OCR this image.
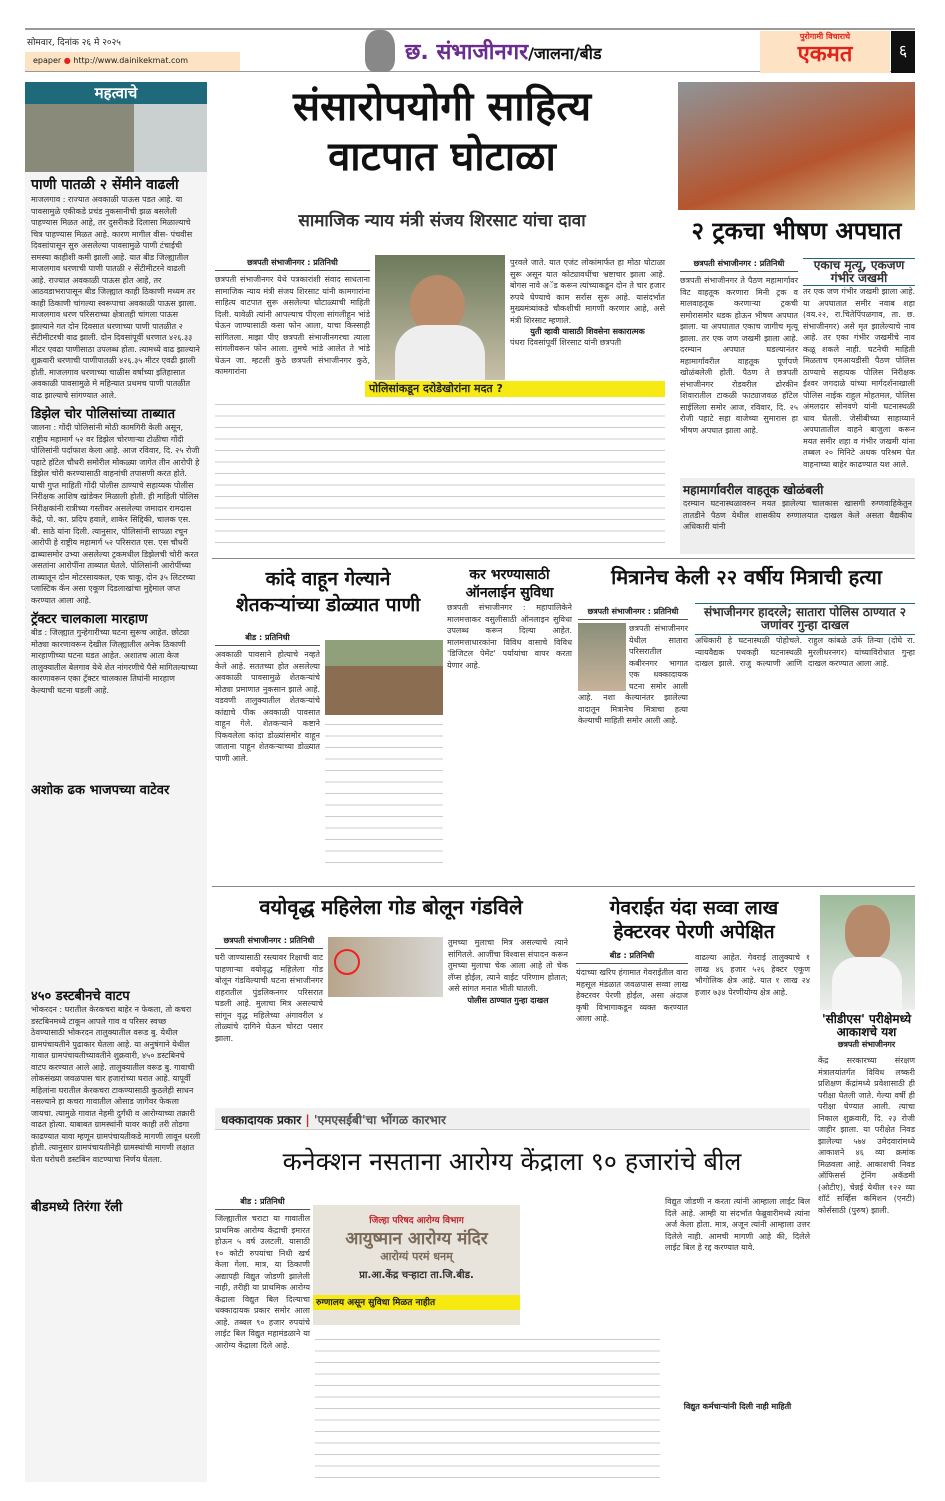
सोमवार, दिनांक २६ मे २०२५
epaper ● http://www.dainikekmat.com	छ. संभाजीनगर/जालना/बीड
पुरोगामी विचाराचे
एकमत	६
महत्वाचे
पाणी पातळी २ सेंमीने वाढली
माजलगाव : राज्यात अवकाळी पाऊस पडत आहे. या पावसामुळे एकीकडे प्रचंड नुकसानीची झळ बसलेली पाहण्यास मिळत आहे, तर दुसरीकडे दिलासा मिळाल्याचे चित्र पाहण्यास मिळत आहे. कारण मागील वीस- पंचवीस दिवसांपासून सुरु असलेल्या पावसामुळे पाणी टंचाईची समस्या काहीशी कमी झाली आहे. यात बीड जिल्ह्यातील माजलगाव धरणाची पाणी पातळी २ सेंटीमीटरने वाढली आहे. राज्यात अवकाळी पाऊस होत आहे, तर आठवडाभरापासून बीड जिल्ह्यात काही ठिकाणी मध्यम तर काही ठिकाणी चांगल्या स्वरूपाचा अवकाळी पाऊस झाला. माजलगाव धरण परिसराच्या क्षेत्रातही चांगला पाऊस झाल्याने गत दोन दिवसात धरणाच्या पाणी पातळीत २ सेंटीमीटरची वाढ झाली. दोन दिवसांपूर्वी धरणात ४२६.३३ मीटर एवढा पाणीसाठा उपलब्ध होता. त्यामध्ये वाढ झाल्याने शुक्रवारी धरणाची पाणीपातळी ४२६.३५ मीटर एवढी झाली होती. माजलगाव धरणाच्या चाळीस वर्षाच्या इतिहासात अवकाळी पावसामुळे मे महिन्यात प्रथमच पाणी पातळीत वाढ झाल्याचे सांगण्यात आले.
डिझेल चोर पोलिसांच्या ताब्यात
जालना : गोंदी पोलिसांनी मोठी कामगिरी केली असून, राष्ट्रीय महामार्ग ५२ वर डिझेल चोरणाऱ्या टोळीचा गोंदी पोलिसांनी पर्दाफाश केला आहे. आज रविवार, दि. २५ रोजी पहाटे हॉटेल चौधरी समोरील मोकळ्या जागेत तीन आरोपी हे डिझेल चोरी करण्यासाठी वाहनांची तपासणी करत होते. याची गुप्त माहिती गोंदी पोलीस ठाण्याचे सहाय्यक पोलीस निरीक्षक आशिष खांडेकर मिळाली होती. ही माहिती पोलिस निरीक्षकांनी रात्रीच्या गस्तीवर असलेल्या जमादार रामदास केंद्रे, पो. का. प्रदिप हवाले, शाकेर सिद्दिकी, चालक एस. बी. साठे यांना दिली. त्यानुसार, पोलिसांनी सापळा रचून आरोपी हे राष्ट्रीय महामार्ग ५२ परिसरात एस. एस चौधरी ढाब्यासमोर उभ्या असलेल्या ट्रकमधील डिझेलची चोरी करत असतांना आरोपींना ताब्यात घेतले. पोलिसांनी आरोपींच्या ताब्यातून दोन मोटरसायकल, एक चाकू, दोन ३५ लिटरच्या प्लास्टिक कॅन असा एकूण दिडलाखांचा मुद्देमाल जप्त करण्यात आला आहे.
ट्रॅक्टर चालकाला मारहाण
बीड : जिल्ह्यात गुन्हेगारीच्या घटना सुरूच आहेत. छोट्या मोठ्या कारणावरून देखील जिल्ह्यातील अनेक ठिकाणी मारहाणीच्या घटना घडत आहेत. अशातच आता केज तालुक्यातील बेलगाव येथे शेत नांगरणीचे पैसे मागितल्याच्या कारणावरून एका ट्रॅक्टर चालकास तिघांनी मारहाण केल्याची घटना घडली आहे.
अशोक ढक भाजपच्या वाटेवर
४५० डस्टबीनचे वाटप
भोकरदन : घरातील केरकचरा बाहेर न फेकता, तो कचरा डस्टबिनमध्ये टाकून आपले गाव व परिसर स्वच्छ ठेवण्यासाठी भोकरदन तालुक्यातील वरूड बु. येथील ग्रामपंचायतीने पुढाकार घेतला आहे. या अनुषंगाने येथील गावात ग्रामपंचायतीच्यावतीने शुक्रवारी, ४५० डस्टबिनचे वाटप करण्यात आले आहे. तालुक्यातील वरूड बु. गावाची लोकसंख्या जवळपास चार हजारांच्या घरात आहे. यापूर्वी महिलांना घरातील केरकचरा टाकण्यासाठी कुठलेही साधन नसल्याने हा कचरा गावातील ओसाड जागेवर फेकला जायचा. त्यामुळे गावात नेहमी दुर्गंधी व आरोग्याच्या तक्रारी वाढत होत्या. याबाबत ग्रामस्थांनी यावर काही तरी तोडगा काढण्यात यावा म्हणून ग्रामपंचायतीकडे मागणी लावून धरली होती. त्यानुसार ग्रामपंचायतीनेही ग्रामस्थांची मागणी लक्षात घेता घरोघरी डस्टबिन वाटण्याचा निर्णय घेतला.
बीडमध्ये तिरंगा रॅली
संसारोपयोगी साहित्य
वाटपात घोटाळा
सामाजिक न्याय मंत्री संजय शिरसाट यांचा दावा
छत्रपती संभाजीनगर : प्रतिनिधी
छत्रपती संभाजीनगर येथे पत्रकारांशी संवाद साधताना सामाजिक न्याय मंत्री संजय शिरसाट यांनी कामगारांना साहित्य वाटपात सुरू असलेल्या घोटाळ्याची माहिती दिली. यावेळी त्यांनी आपल्याच पीएला सांगलीहून भांडे घेऊन जाण्यासाठी कसा फोन आला, याचा किस्साही सांगितला. माझा पीए छत्रपती संभाजीनगरचा त्याला सांगलीवरून फोन आला. तुमचे भांडे आलेत ते भांडे घेऊन जा. म्हटली कुठे छत्रपती संभाजीनगर कुठे, कामगारांना
पुरवले जाते. यात एजंट लोकांमार्फत हा मोठा घोटाळा सुरू असून यात कोट्यावधींचा भ्रष्टाचार झाला आहे. बोगस नावे अॅड करून त्यांच्याकडून दोन ते चार हजार रुपये घेण्याचे काम सर्रास सुरू आहे. यासंदर्भात मुख्यमंत्र्यांकडे चौकशीची मागणी करणार आहे, असे मंत्री शिरसाट म्हणाले.
युती व्हावी यासाठी शिवसेना सकारात्मक
पंधरा दिवसांपूर्वी शिरसाट यांनी छत्रपती
पोलिसांकडून दरोडेखोरांना मदत ?
२ ट्रकचा भीषण अपघात
छत्रपती संभाजीनगर : प्रतिनिधी
छत्रपती संभाजीनगर ते पैठण महामार्गावर विट वाहतूक करणारा मिनी ट्रक व मालवाहतूक करणाऱ्या ट्रकची समोरासमोर धडक होऊन भीषण अपघात झाला. या अपघातात एकाच जागीच मृत्यू झाला. तर एक जण जखमी झाला आहे. दरम्यान अपघात घडल्यानंतर महामार्गावरील वाहतूक पूर्णपणे खोळंबलेली होती. पैठण ते छत्रपती संभाजीनगर रोडवरील ढोरकीन शिवारातील टाकळी फाट्याजवळ हॉटेल साईलिला समोर आज, रविवार, दि. २५ रोजी पहाटे सहा वाजेच्या सुमारास हा भीषण अपघात झाला आहे.
एकाच मृत्यू, एकजण गंभीर जखमी
तर एक जण गंभीर जखमी झाला आहे. या अपघातात समीर नवाब शहा (वय.२२, रा.चितेपिंपळगाव, ता. छ. संभाजीनगर) असे मृत झालेल्याचे नाव आहे. तर एका गंभीर जखमीचे नाव कळू शकले नाही. घटनेची माहिती मिळताच एमआयडीसी पैठण पोलिस ठाण्याचे सहायक पोलिस निरीक्षक ईश्वर जगदाळे यांच्या मार्गदर्शनाखाली पोलिस नाईक राहुल मोहतमल, पोलिस अंमलदार सोनवणे यांनी घटनास्थळी धाव घेतली. जेसीबीच्या साहाय्याने अपघातातील वाहने बाजुला करून मयत समीर शहा व गंभीर जखमी यांना तब्बल २० मिनिटे अथक परिश्रम घेत वाहनाच्या बाहेर काढण्यात यश आले.
महामार्गावरील वाहतूक खोळंबली
दरम्यान घटनास्थळावरुन मयत झालेल्या चालकास खासगी रुग्णवाहिकेतुन तातडीने पैठण येथील शासकीय रुग्णालयात दाखल केले असता वैद्यकीय अधिकारी यांनी
कांदे वाहून गेल्याने
शेतकऱ्यांच्या डोळ्यात पाणी
बीड : प्रतिनिधी
अवकाळी पावसाने होत्याचे नव्हते केले आहे. सततच्या होत असलेल्या अवकाळी पावसामुळे शेतकऱ्यांचे मोठ्या प्रमाणात नुकसान झाले आहे. वडवणी तालुक्यातील शेतकऱ्यांचे कांद्याचे पीक अवकाळी पावसात वाहून गेले. शेतकऱ्याने कष्टाने पिकवलेला कांदा डोळ्यांसमोर वाहून जाताना पाहून शेतकऱ्याच्या डोळ्यात पाणी आले.
कर भरण्यासाठी
ऑनलाईन सुविधा
छत्रपती संभाजीनगर : महापालिकेने मालमत्ताकर वसुलीसाठी ऑनलाइन सुविधा उपलब्ध करून दिल्या आहेत. मालमत्ताधारकांना विविध वासाचे विविध 'डिजिटल पेमेंट' पर्यायांचा वापर करता येणार आहे.
मित्रानेच केली २२ वर्षीय मित्राची हत्या
छत्रपती संभाजीनगर : प्रतिनिधी
छत्रपती संभाजीनगर येथील सातारा परिसरातील कबीरनगर भागात एक धक्कादायक घटना समोर आली आहे. नशा केल्यानंतर झालेल्या वादातून मित्रानेच मित्राचा हत्या केल्याची माहिती समोर आली आहे.
संभाजीनगर हादरले; सातारा पोलिस ठाण्यात २ जणांवर गुन्हा दाखल
अधिकारी हे घटनास्थळी पोहोचले. न्यायवैद्यक पथकही घटनास्थळी दाखल झाले. राजु कल्याणी आणि राहुल कांबळे उर्फ तिन्या (दोघे रा. मुरलीधरनगर) यांच्याविरोधात गुन्हा दाखल करण्यात आला आहे.
वयोवृद्ध महिलेला गोड बोलून गंडविले
छत्रपती संभाजीनगर : प्रतिनिधी
घरी जाण्यासाठी रस्त्यावर रिक्षाची वाट पाहणाऱ्या वयोवृद्ध महिलेला गोड बोलून गंडविल्याची घटना संभाजीनगर शहरातील पुंडलिकनगर परिसरात घडली आहे. मुलाचा मित्र असल्याचे सांगून वृद्ध महिलेच्या अंगावरील ४ तोळ्यांचे दागिने घेऊन चोरटा पसार झाला.
तुमच्या मुलाचा मित्र असल्याचे त्याने सांगितले. आजींचा विश्वास संपादन करून तुमच्या मुलाचा चेक आला आहे तो चेक लॅप्स होईल, त्याने वाईट परिणाम होतात; असे सांगत मनात भीती घातली.
पोलीस ठाण्यात गुन्हा दाखल
गेवराईत यंदा सव्वा लाख
हेक्टरवर पेरणी अपेक्षित
बीड : प्रतिनिधी
यंदाच्या खरिप हंगामात गेवराईतील वारा महसूल मंडळात जवळपास सव्वा लाख हेक्टरवर पेरणी होईल, असा अंदाज कृषी विभागाकडून व्यक्त करण्यात आला आहे.
वाढल्या आहेत. गेवराई तालुक्याचे १ लाख ४६ हजार ५२६ हेक्टर एकूण भौगोलिक क्षेत्र आहे. यात १ लाख २४ हजार ७३४ पेरणीयोग्य क्षेत्र आहे.
'सीडीएस' परीक्षेमध्ये आकाशचे यश
छत्रपती संभाजीनगर
केंद्र सरकारच्या संरक्षण मंत्रालयांतर्गत विविध लष्करी प्रशिक्षण केंद्रांमध्ये प्रवेशासाठी ही परीक्षा घेतली जाते. गेल्या वर्षी ही परीक्षा घेण्यात आली. त्याचा निकाल शुक्रवारी, दि. २३ रोजी जाहीर झाला. या परीक्षेत निवड झालेल्या ५७४ उमेदवारांमध्ये आकाशने ४६ व्या क्रमांक मिळवला आहे. आकाशची निवड ऑफिसर्स ट्रेनिंग अकॅडमी (ओटीए), चेन्नई येथील १२२ व्या शॉर्ट सर्व्हिस कमिशन (एनटी) कोर्ससाठी (पुरुष) झाली.
धक्कादायक प्रकार | 'एमएसईबी'चा भोंगळ कारभार
कनेक्शन नसताना आरोग्य केंद्राला ९० हजारांचे बील
बीड : प्रतिनिधी
जिल्ह्यातील चराटा या गावातील प्राथमिक आरोग्य केंद्राची इमारत होऊन ५ वर्ष उलटली. यासाठी १० कोटी रुपयांचा निधी खर्च केला गेला. मात्र, या ठिकाणी अद्यापही विद्युत जोडणी झालेली नाही, तरीही या प्राथमिक आरोग्य केंद्राला विद्युत बिल दिल्याचा धक्कादायक प्रकार समोर आला आहे. तब्बल ९० हजार रुपयांचे लाईट बिल विद्युत महामंडळाने या आरोग्य केंद्राला दिले आहे.
जिल्हा परिषद आरोग्य विभाग
आयुष्मान आरोग्य मंदिर
आरोग्यं परमं धनम्
प्रा.आ.केंद्र चऱ्हाटा ता.जि.बीड.
रुग्णालय असून सुविधा मिळत नाहीत
विद्युत जोडणी न करता त्यांनी आम्हाला लाईट बिल दिले आहे. आम्ही या संदर्भात फेब्रुवारीमध्ये त्यांना अर्ज केला होता. मात्र, अजून त्यांनी आम्हाला उत्तर दिलेले नाही. आमची मागणी आहे की, दिलेले लाईट बिल हे रद्द करण्यात यावे.
विद्युत कर्मचाऱ्यांनी दिली नाही माहिती
